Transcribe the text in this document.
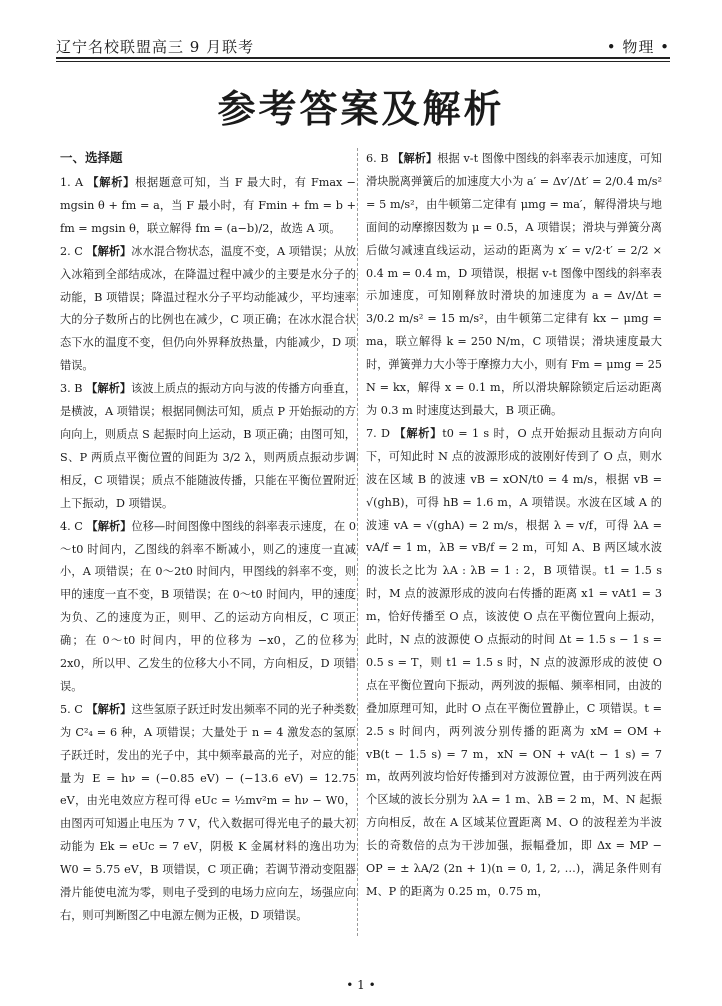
辽宁名校联盟高三 9 月联考	• 物理 •
参考答案及解析
一、选择题

1. A 【解析】根据题意可知，当 F 最大时，有 Fmax − mgsin θ + fm = a，当 F 最小时，有 Fmin + fm = b + fm = mgsin θ，联立解得 fm = (a−b)/2，故选 A 项。

2. C 【解析】冰水混合物状态，温度不变，A 项错误；从放入冰箱到全部结成冰，在降温过程中减少的主要是水分子的动能，B 项错误；降温过程水分子平均动能减少，平均速率大的分子数所占的比例也在减少，C 项正确；在冰水混合状态下水的温度不变，但仍向外界释放热量，内能减少，D 项错误。

3. B 【解析】该波上质点的振动方向与波的传播方向垂直，是横波，A 项错误；根据同侧法可知，质点 P 开始振动的方向向上，则质点 S 起振时向上运动，B 项正确；由图可知，S、P 两质点平衡位置的间距为 3/2 λ，则两质点振动步调相反，C 项错误；质点不能随波传播，只能在平衡位置附近上下振动，D 项错误。

4. C 【解析】位移—时间图像中图线的斜率表示速度，在 0～t0 时间内，乙图线的斜率不断减小，则乙的速度一直减小，A 项错误；在 0～2t0 时间内，甲图线的斜率不变，则甲的速度一直不变，B 项错误；在 0～t0 时间内，甲的速度为负、乙的速度为正，则甲、乙的运动方向相反，C 项正确；在 0～t0 时间内，甲的位移为 −x0，乙的位移为 2x0，所以甲、乙发生的位移大小不同，方向相反，D 项错误。

5. C 【解析】这些氢原子跃迁时发出频率不同的光子种类数为 C²₄ = 6 种，A 项错误；大量处于 n = 4 激发态的氢原子跃迁时，发出的光子中，其中频率最高的光子，对应的能量为 E = hν = (−0.85 eV) − (−13.6 eV) = 12.75 eV，由光电效应方程可得 eUc = ½mv²m = hν − W0，由图丙可知遏止电压为 7 V，代入数据可得光电子的最大初动能为 Ek = eUc = 7 eV，阴极 K 金属材料的逸出功为 W0 = 5.75 eV，B 项错误，C 项正确；若调节滑动变阻器滑片能使电流为零，则电子受到的电场力应向左，场强应向右，则可判断图乙中电源左侧为正极，D 项错误。

6. B 【解析】根据 v-t 图像中图线的斜率表示加速度，可知滑块脱离弹簧后的加速度大小为 a′ = Δv′/Δt′ = 2/0.4 m/s² = 5 m/s²，由牛顿第二定律有 μmg = ma′，解得滑块与地面间的动摩擦因数为 μ = 0.5，A 项错误；滑块与弹簧分离后做匀减速直线运动，运动的距离为 x′ = v/2·t′ = 2/2 × 0.4 m = 0.4 m，D 项错误，根据 v-t 图像中图线的斜率表示加速度，可知刚释放时滑块的加速度为 a = Δv/Δt = 3/0.2 m/s² = 15 m/s²，由牛顿第二定律有 kx − μmg = ma，联立解得 k = 250 N/m，C 项错误；滑块速度最大时，弹簧弹力大小等于摩擦力大小，则有 Fm = μmg = 25 N = kx，解得 x = 0.1 m，所以滑块解除锁定后运动距离为 0.3 m 时速度达到最大，B 项正确。

7. D 【解析】t0 = 1 s 时，O 点开始振动且振动方向向下，可知此时 N 点的波源形成的波刚好传到了 O 点，则水波在区域 B 的波速 vB = xON/t0 = 4 m/s，根据 vB = √(ghB)，可得 hB = 1.6 m，A 项错误。水波在区域 A 的波速 vA = √(ghA) = 2 m/s，根据 λ = v/f，可得 λA = vA/f = 1 m，λB = vB/f = 2 m，可知 A、B 两区域水波的波长之比为 λA : λB = 1 : 2，B 项错误。t1 = 1.5 s 时，M 点的波源形成的波向右传播的距离 x1 = vAt1 = 3 m，恰好传播至 O 点，该波使 O 点在平衡位置向上振动，此时，N 点的波源使 O 点振动的时间 Δt = 1.5 s − 1 s = 0.5 s = T，则 t1 = 1.5 s 时，N 点的波源形成的波使 O 点在平衡位置向下振动，两列波的振幅、频率相同，由波的叠加原理可知，此时 O 点在平衡位置静止，C 项错误。t = 2.5 s 时间内，两列波分别传播的距离为 xM = OM + vB(t − 1.5 s) = 7 m，xN = ON + vA(t − 1 s) = 7 m，故两列波均恰好传播到对方波源位置，由于两列波在两个区域的波长分别为 λA = 1 m、λB = 2 m，M、N 起振方向相反，故在 A 区域某位置距离 M、O 的波程差为半波长的奇数倍的点为干涉加强，振幅叠加，即 Δx = MP − OP = ± λA/2 (2n + 1)(n = 0, 1, 2, …)，满足条件则有 M、P 的距离为 0.25 m，0.75 m，

• 1 •
